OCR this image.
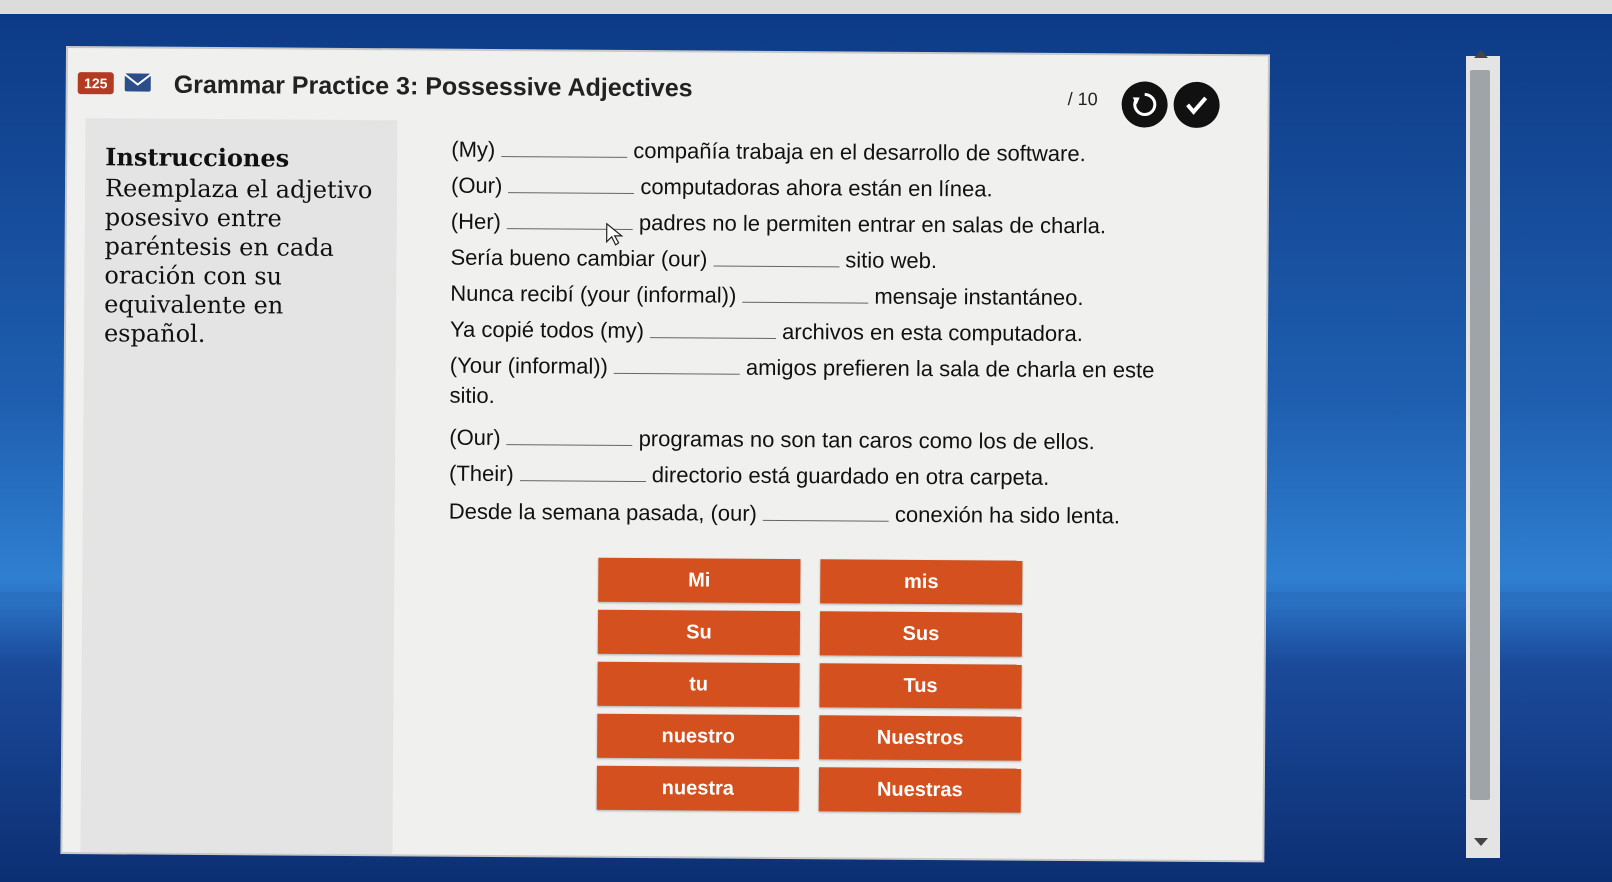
125	Grammar Practice 3: Possessive Adjectives	/ 10
Instrucciones
Reemplaza el adjetivo posesivo entre paréntesis en cada oración con su equivalente en español.
(My)	compañía trabaja en el desarrollo de software.
(Our)	computadoras ahora están en línea.
(Her)	padres no le permiten entrar en salas de charla.
Sería bueno cambiar (our)	sitio web.
Nunca recibí (your (informal))	mensaje instantáneo.
Ya copié todos (my)	archivos en esta computadora.
(Your (informal))	amigos prefieren la sala de charla en este sitio.
(Our)	programas no son tan caros como los de ellos.
(Their)	directorio está guardado en otra carpeta.
Desde la semana pasada, (our)	conexión ha sido lenta.
Mi	mis
Su	Sus
tu	Tus
nuestro	Nuestros
nuestra	Nuestras
